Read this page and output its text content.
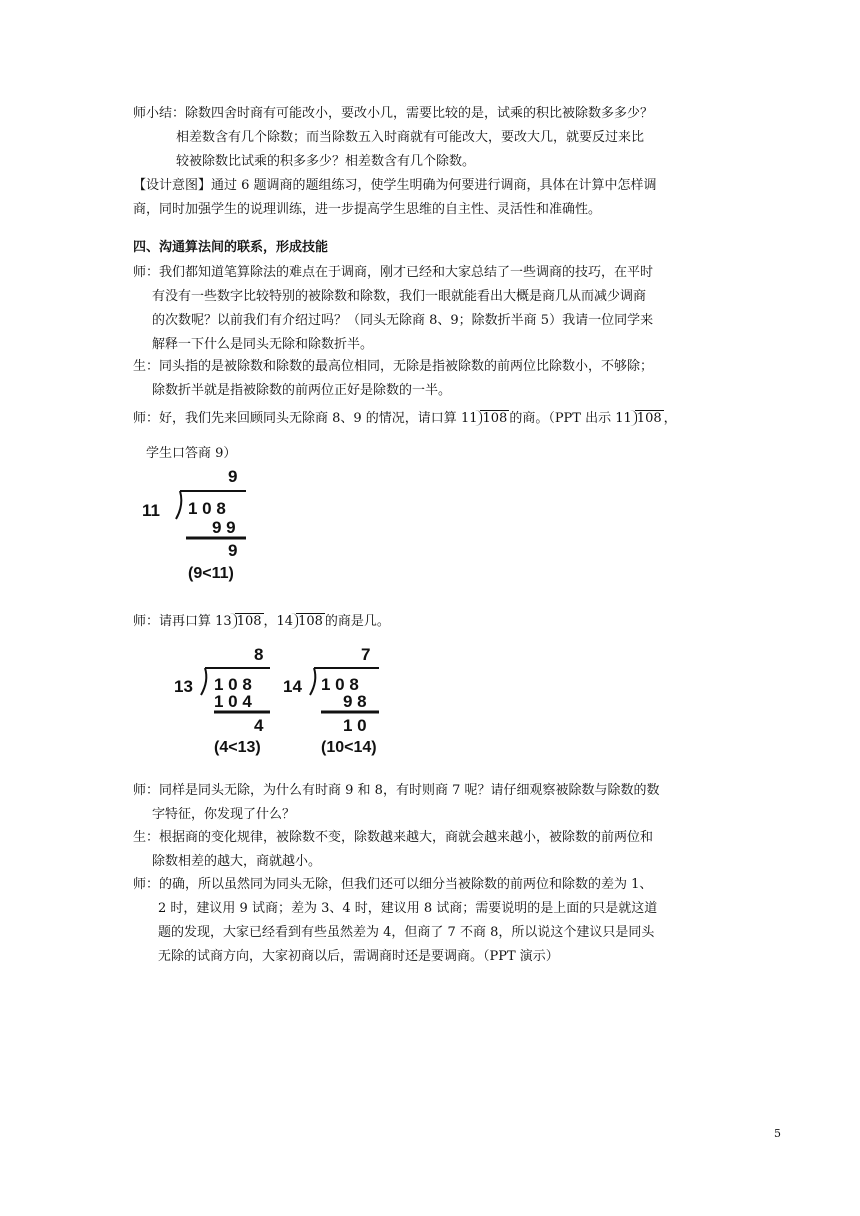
师小结：除数四舍时商有可能改小，要改小几，需要比较的是，试乘的积比被除数多多少？
相差数含有几个除数；而当除数五入时商就有可能改大，要改大几，就要反过来比
较被除数比试乘的积多多少？相差数含有几个除数。
【设计意图】通过 6 题调商的题组练习，使学生明确为何要进行调商，具体在计算中怎样调
商，同时加强学生的说理训练，进一步提高学生思维的自主性、灵活性和准确性。
四、沟通算法间的联系，形成技能
师：我们都知道笔算除法的难点在于调商，刚才已经和大家总结了一些调商的技巧，在平时
有没有一些数字比较特别的被除数和除数，我们一眼就能看出大概是商几从而减少调商
的次数呢？以前我们有介绍过吗？（同头无除商 8、9；除数折半商 5）我请一位同学来
解释一下什么是同头无除和除数折半。
生：同头指的是被除数和除数的最高位相同，无除是指被除数的前两位比除数小，不够除；
除数折半就是指被除数的前两位正好是除数的一半。
师：好，我们先来回顾同头无除商 8、9 的情况，请口算 11 108 的商。（PPT 出示 11 108 ，
学生口答商 9）
9
11 1 0 8
9 9
9
(9<11)
师：请再口算 13 108 ，14 108 的商是几。
8
13 1 0 8
1 0 4
4
(4<13)
7
14 1 0 8
9 8
1 0
(10<14)
师：同样是同头无除，为什么有时商 9 和 8，有时则商 7 呢？请仔细观察被除数与除数的数
字特征，你发现了什么？
生：根据商的变化规律，被除数不变，除数越来越大，商就会越来越小，被除数的前两位和
除数相差的越大，商就越小。
师：的确，所以虽然同为同头无除，但我们还可以细分当被除数的前两位和除数的差为 1、
2 时，建议用 9 试商；差为 3、4 时，建议用 8 试商；需要说明的是上面的只是就这道
题的发现，大家已经看到有些虽然差为 4，但商了 7 不商 8，所以说这个建议只是同头
无除的试商方向，大家初商以后，需调商时还是要调商。（PPT 演示）
5
